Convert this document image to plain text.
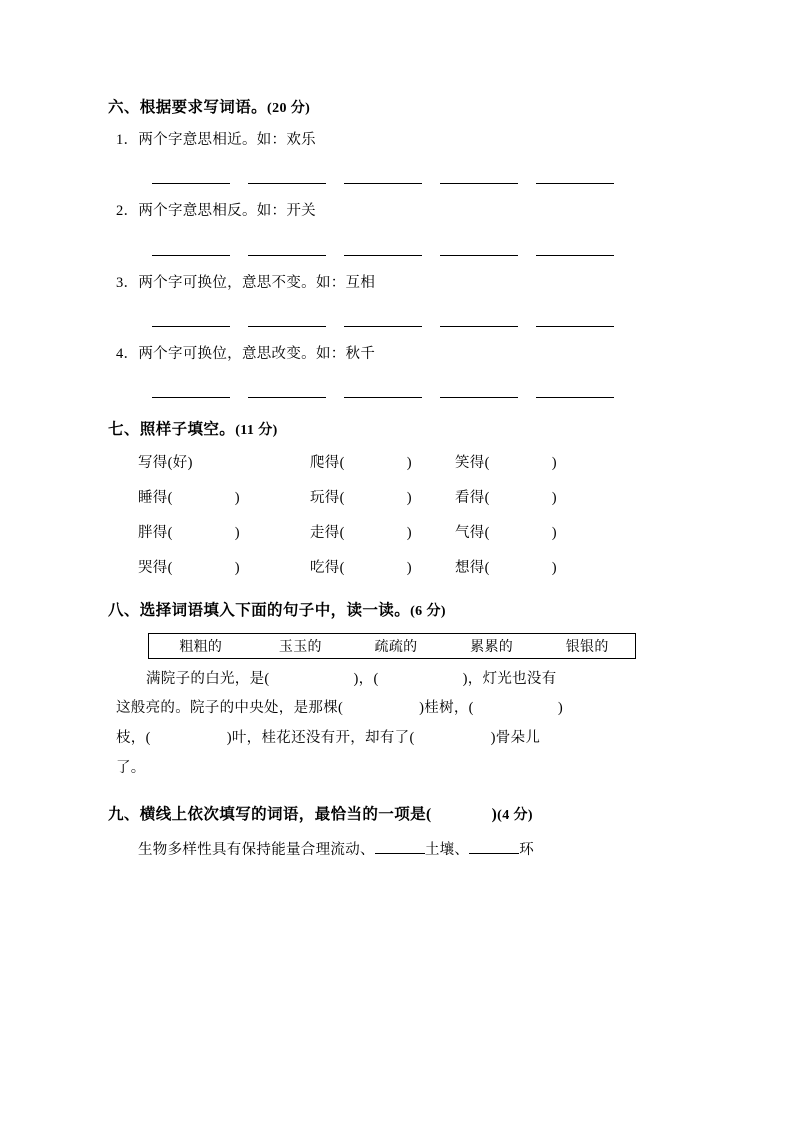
六、根据要求写词语。(20 分)
1．两个字意思相近。如：欢乐
2．两个字意思相反。如：开关
3．两个字可换位，意思不变。如：互相
4．两个字可换位，意思改变。如：秋千
七、照样子填空。(11 分)
写得 ( 好 )	爬得 (	)	笑得 (	)
睡得 (	)	玩得 (	)	看得 (	)
胖得 (	)	走得 (	)	气得 (	)
哭得 (	)	吃得 (	)	想得 (	)
八、选择词语填入下面的句子中，读一读。(6 分)
粗粗的	玉玉的	疏疏的	累累的	银银的
满院子的白光，是(	)，(	)，灯光也没有
这般亮的。院子的中央处，是那棵(	)桂树，(	)
枝，(	)叶，桂花还没有开，却有了(	)骨朵儿
了。
九、横线上依次填写的词语，最恰当的一项是(	)(4 分)
生物多样性具有保持能量合理流动、	土壤、	环
